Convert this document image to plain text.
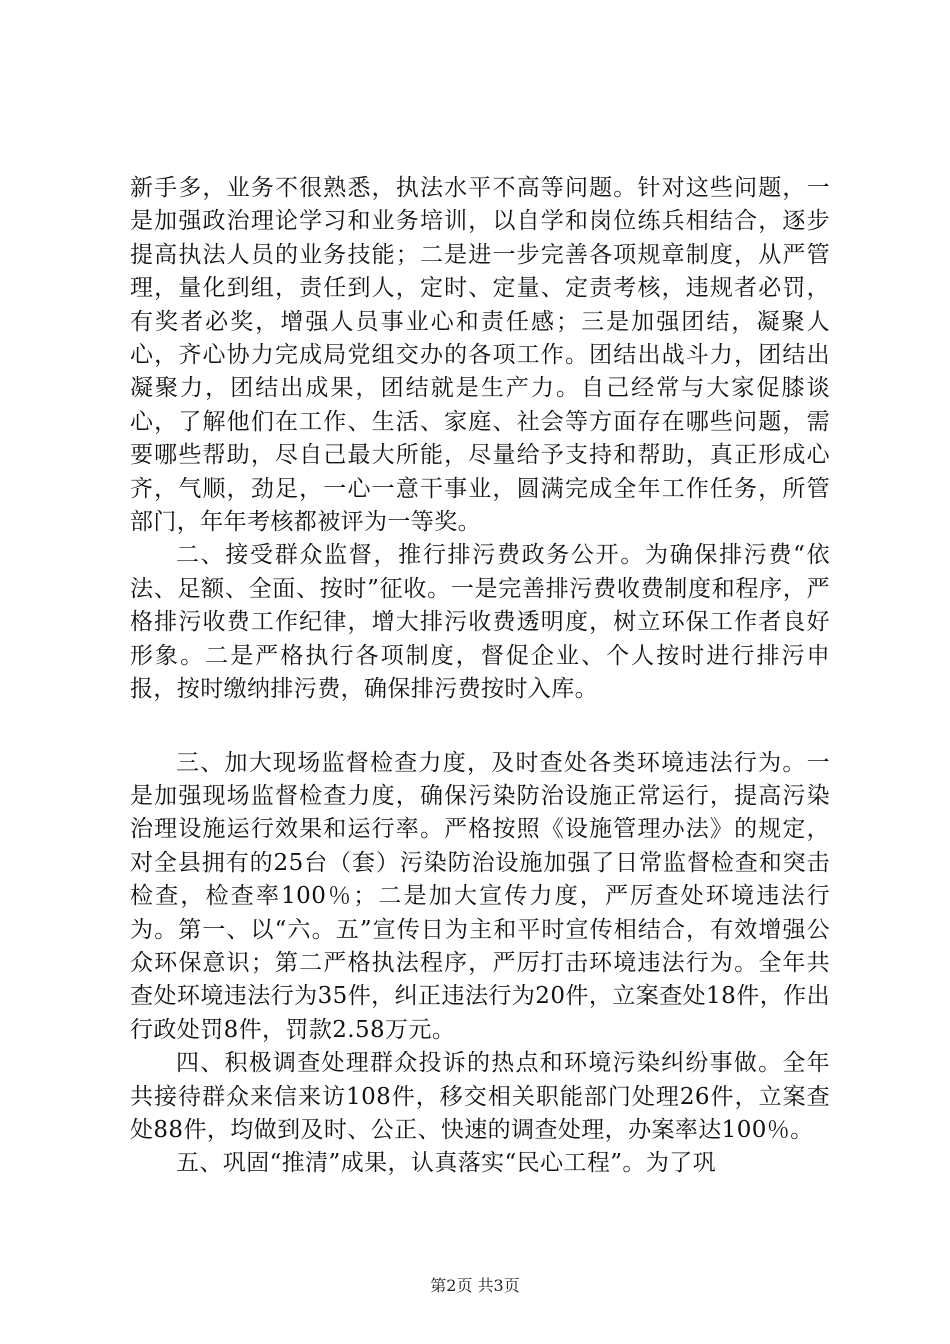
新手多，业务不很熟悉，执法水平不高等问题。针对这些问题，一是加强政治理论学习和业务培训，以自学和岗位练兵相结合，逐步提高执法人员的业务技能；二是进一步完善各项规章制度，从严管理，量化到组，责任到人，定时、定量、定责考核，违规者必罚，有奖者必奖，增强人员事业心和责任感；三是加强团结，凝聚人心，齐心协力完成局党组交办的各项工作。团结出战斗力，团结出凝聚力，团结出成果，团结就是生产力。自己经常与大家促膝谈心，了解他们在工作、生活、家庭、社会等方面存在哪些问题，需要哪些帮助，尽自己最大所能，尽量给予支持和帮助，真正形成心齐，气顺，劲足，一心一意干事业，圆满完成全年工作任务，所管部门，年年考核都被评为一等奖。

二、接受群众监督，推行排污费政务公开。为确保排污费“依法、足额、全面、按时”征收。一是完善排污费收费制度和程序，严格排污收费工作纪律，增大排污收费透明度，树立环保工作者良好形象。二是严格执行各项制度，督促企业、个人按时进行排污申报，按时缴纳排污费，确保排污费按时入库。

三、加大现场监督检查力度，及时查处各类环境违法行为。一是加强现场监督检查力度，确保污染防治设施正常运行，提高污染治理设施运行效果和运行率。严格按照《设施管理办法》的规定，对全县拥有的25台（套）污染防治设施加强了日常监督检查和突击检查，检查率100％；二是加大宣传力度，严厉查处环境违法行为。第一、以“六。五”宣传日为主和平时宣传相结合，有效增强公众环保意识；第二严格执法程序，严厉打击环境违法行为。全年共查处环境违法行为35件，纠正违法行为20件，立案查处18件，作出行政处罚8件，罚款2.58万元。

四、积极调查处理群众投诉的热点和环境污染纠纷事做。全年共接待群众来信来访108件，移交相关职能部门处理26件，立案查处88件，均做到及时、公正、快速的调查处理，办案率达100％。

五、巩固“推清”成果，认真落实“民心工程”。为了巩

第2页 共3页
